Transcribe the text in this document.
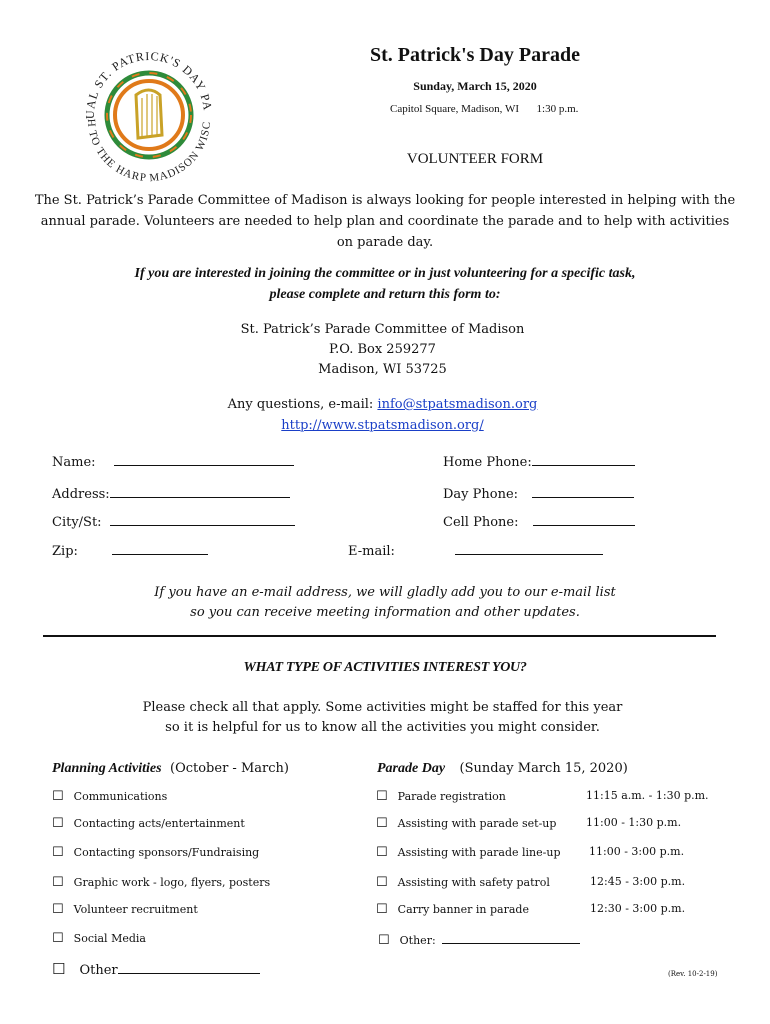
UAL ST. PATRICK'S DAY PA
H TO THE HARP MADISON WISC
St. Patrick's Day Parade
Sunday, March 15, 2020
Capitol Square, Madison, WI 1:30 p.m.
VOLUNTEER FORM
The St. Patrick’s Parade Committee of Madison is always looking for people interested in helping with the
annual parade. Volunteers are needed to help plan and coordinate the parade and to help with activities
on parade day.
If you are interested in joining the committee or in just volunteering for a specific task,
please complete and return this form to:
St. Patrick’s Parade Committee of Madison
P.O. Box 259277
Madison, WI 53725
Any questions, e-mail: info@stpatsmadison.org
http://www.stpatsmadison.org/
Name:	Home Phone:
Address:	Day Phone:
City/St:	Cell Phone:
Zip:	E-mail:
If you have an e-mail address, we will gladly add you to our e-mail list
so you can receive meeting information and other updates.
WHAT TYPE OF ACTIVITIES INTEREST YOU?
Please check all that apply. Some activities might be staffed for this year
so it is helpful for us to know all the activities you might consider.
Planning Activities (October - March)	Parade Day (Sunday March 15, 2020)
☐ Communications
☐ Contacting acts/entertainment
☐ Contacting sponsors/Fundraising
☐ Graphic work - logo, flyers, posters
☐ Volunteer recruitment
☐ Social Media
☐ Other
☐ Parade registration	11:15 a.m. - 1:30 p.m.
☐ Assisting with parade set-up	11:00 - 1:30 p.m.
☐ Assisting with parade line-up	11:00 - 3:00 p.m.
☐ Assisting with safety patrol	12:45 - 3:00 p.m.
☐ Carry banner in parade	12:30 - 3:00 p.m.
☐ Other:
(Rev. 10-2-19)
